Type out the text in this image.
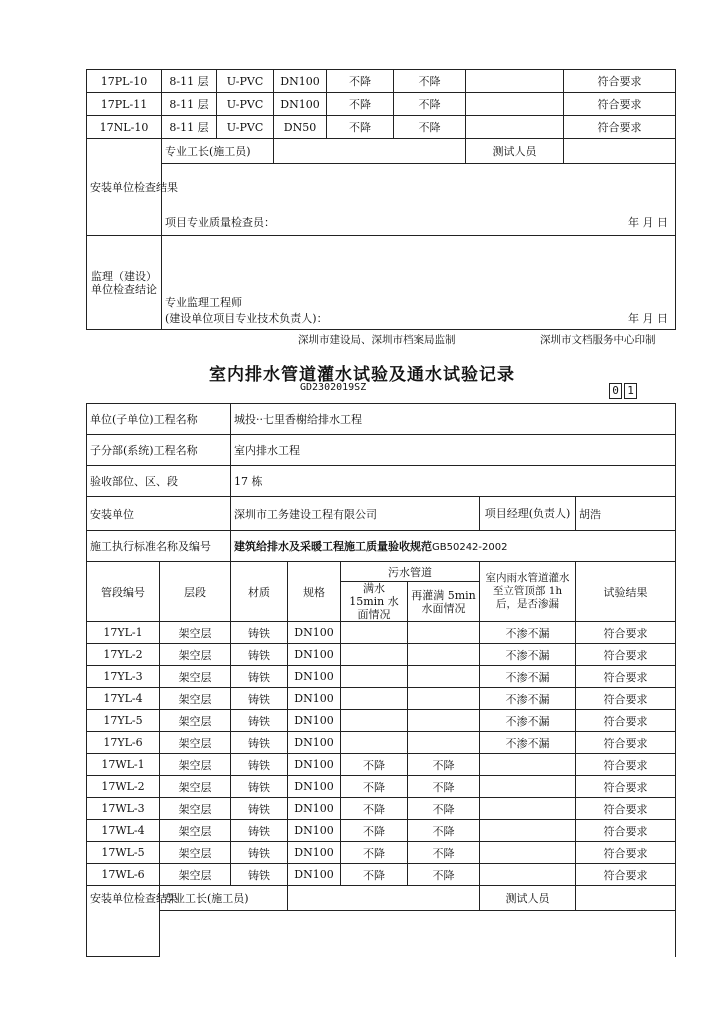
17PL-10	8-11 层	U-PVC	DN100	不降	不降		符合要求
17PL-11	8-11 层	U-PVC	DN100	不降	不降		符合要求
17NL-10	8-11 层	U-PVC	DN50	不降	不降		符合要求
安装单位检查结果	专业工长(施工员)					测试人员	
	项目专业质量检查员： 年 月 日						

监理（建设）单位检查结论	专业监理工程师
(建设单位项目专业技术负责人)： 年 月 日						
深圳市建设局、深圳市档案局监制	深圳市文档服务中心印制
室内排水管道灌水试验及通水试验记录
GD2302019SZ	0 1
单位(子单位)工程名称		城投··七里香榭给排水工程					
子分部(系统)工程名称		室内排水工程					
验收部位、区、段		17 栋					
安装单位		深圳市工务建设工程有限公司				项目经理(负责人)	胡浩
施工执行标准名称及编号		建筑给排水及采暖工程施工质量验收规范GB50242-2002					
管段编号	层段	材质	规格	污水管道		室内雨水管道灌水至立管顶部 1h 后，是否渗漏	试验结果
				满水 15min 水面情况	再灌满 5min 水面情况		
17YL-1	架空层	铸铁	DN100			不渗不漏	符合要求
17YL-2	架空层	铸铁	DN100			不渗不漏	符合要求
17YL-3	架空层	铸铁	DN100			不渗不漏	符合要求
17YL-4	架空层	铸铁	DN100			不渗不漏	符合要求
17YL-5	架空层	铸铁	DN100			不渗不漏	符合要求
17YL-6	架空层	铸铁	DN100			不渗不漏	符合要求
17WL-1	架空层	铸铁	DN100	不降	不降		符合要求
17WL-2	架空层	铸铁	DN100	不降	不降		符合要求
17WL-3	架空层	铸铁	DN100	不降	不降		符合要求
17WL-4	架空层	铸铁	DN100	不降	不降		符合要求
17WL-5	架空层	铸铁	DN100	不降	不降		符合要求
17WL-6	架空层	铸铁	DN100	不降	不降		符合要求
安装单位检查结果	专业工长(施工员)					测试人员	
